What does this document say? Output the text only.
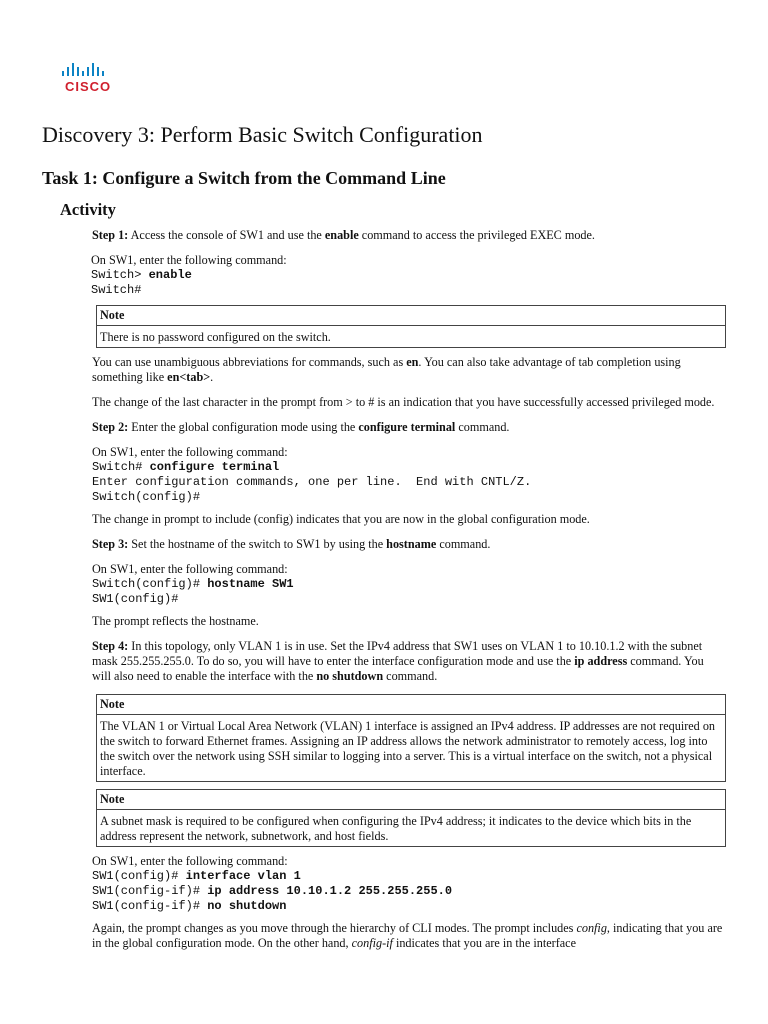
CISCO
Discovery 3: Perform Basic Switch Configuration
Task 1: Configure a Switch from the Command Line
Activity

Step 1: Access the console of SW1 and use the enable command to access the privileged EXEC mode.

On SW1, enter the following command:
Switch> enable
Switch#
Note
There is no password configured on the switch.

You can use unambiguous abbreviations for commands, such as en. You can also take advantage of tab completion using something like en<tab>.

The change of the last character in the prompt from > to # is an indication that you have successfully accessed privileged mode.

Step 2: Enter the global configuration mode using the configure terminal command.

On SW1, enter the following command:
Switch# configure terminal
Enter configuration commands, one per line.  End with CNTL/Z.
Switch(config)#

The change in prompt to include (config) indicates that you are now in the global configuration mode.

Step 3: Set the hostname of the switch to SW1 by using the hostname command.

On SW1, enter the following command:
Switch(config)# hostname SW1
SW1(config)#

The prompt reflects the hostname.

Step 4: In this topology, only VLAN 1 is in use. Set the IPv4 address that SW1 uses on VLAN 1 to 10.10.1.2 with the subnet mask 255.255.255.0. To do so, you will have to enter the interface configuration mode and use the ip address command. You will also need to enable the interface with the no shutdown command.

Note
The VLAN 1 or Virtual Local Area Network (VLAN) 1 interface is assigned an IPv4 address. IP addresses are not required on the switch to forward Ethernet frames. Assigning an IP address allows the network administrator to remotely access, log into the switch over the network using SSH similar to logging into a server. This is a virtual interface on the switch, not a physical interface.
Note
A subnet mask is required to be configured when configuring the IPv4 address; it indicates to the device which bits in the address represent the network, subnetwork, and host fields.
On SW1, enter the following command:
SW1(config)# interface vlan 1
SW1(config-if)# ip address 10.10.1.2 255.255.255.0
SW1(config-if)# no shutdown

Again, the prompt changes as you move through the hierarchy of CLI modes. The prompt includes config, indicating that you are in the global configuration mode. On the other hand, config-if indicates that you are in the interface
